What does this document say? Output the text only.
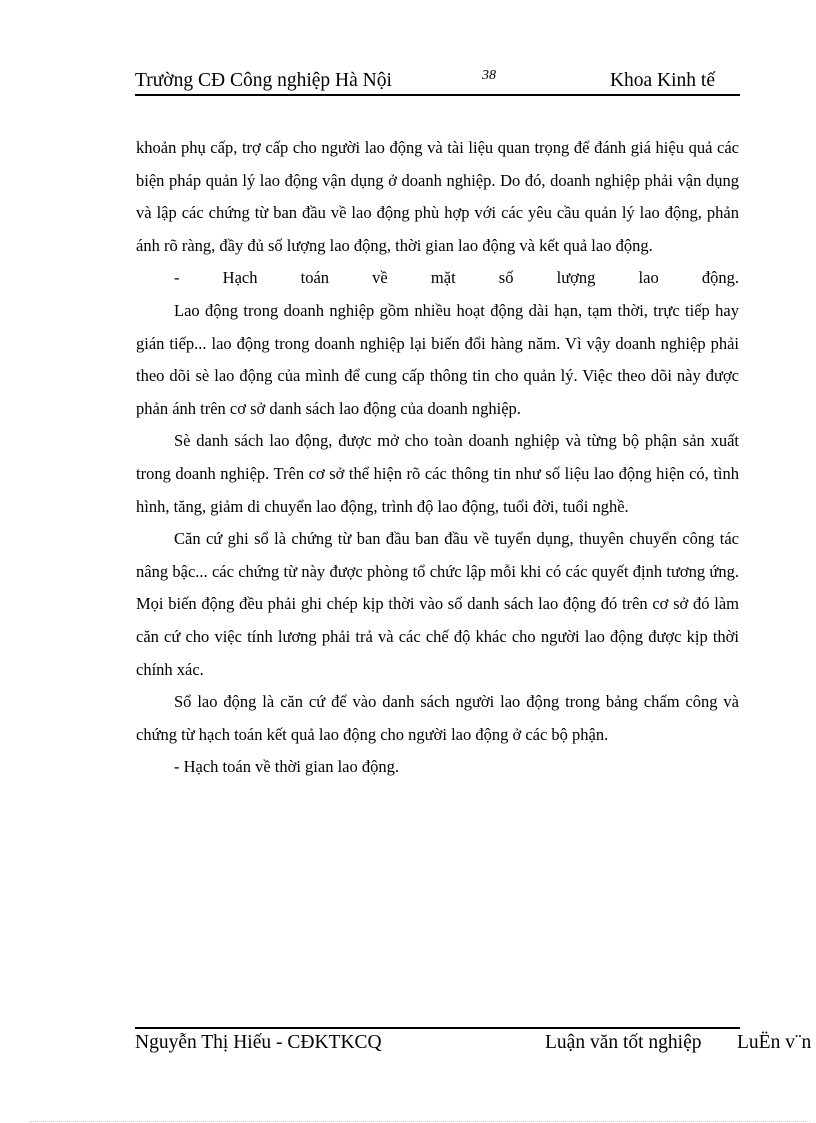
Trường CĐ Công nghiệp Hà Nội	38	Khoa Kinh tế

khoản phụ cấp, trợ cấp cho người lao động và tài liệu quan trọng để đánh giá hiệu quả các biện pháp quản lý lao động vận dụng ở doanh nghiệp. Do đó, doanh nghiệp phải vận dụng và lập các chứng từ ban đầu về lao động phù hợp với các yêu cầu quản lý lao động, phản ánh rõ ràng, đầy đủ số lượng lao động, thời gian lao động và kết quả lao động.

- Hạch toán về mặt số lượng lao động.

Lao động trong doanh nghiệp gồm nhiều hoạt động dài hạn, tạm thời, trực tiếp hay gián tiếp... lao động trong doanh nghiệp lại biến đổi hàng năm. Vì vậy doanh nghiệp phải theo dõi sè lao động của mình để cung cấp thông tin cho quản lý. Việc theo dõi này được phản ánh trên cơ sở danh sách lao động của doanh nghiệp.

Sè danh sách lao động, được mở cho toàn doanh nghiệp và từng bộ phận sản xuất trong doanh nghiệp. Trên cơ sở thể hiện rõ các thông tin như số liệu lao động hiện có, tình hình, tăng, giảm di chuyển lao động, trình độ lao động, tuổi đời, tuổi nghề.

Căn cứ ghi sổ là chứng từ ban đầu ban đầu về tuyển dụng, thuyên chuyển công tác nâng bậc... các chứng từ này được phòng tổ chức lập mỗi khi có các quyết định tương ứng. Mọi biến động đều phải ghi chép kịp thời vào sổ danh sách lao động đó trên cơ sở đó làm căn cứ cho việc tính lương phải trả và các chế độ khác cho người lao động được kịp thời chính xác.

Sổ lao động là căn cứ để vào danh sách người lao động trong bảng chấm công và chứng từ hạch toán kết quả lao động cho người lao động ở các bộ phận.

- Hạch toán về thời gian lao động.

Nguyễn Thị Hiếu - CĐKTKCQ	Luận văn tốt nghiệp LuËn v¨n
